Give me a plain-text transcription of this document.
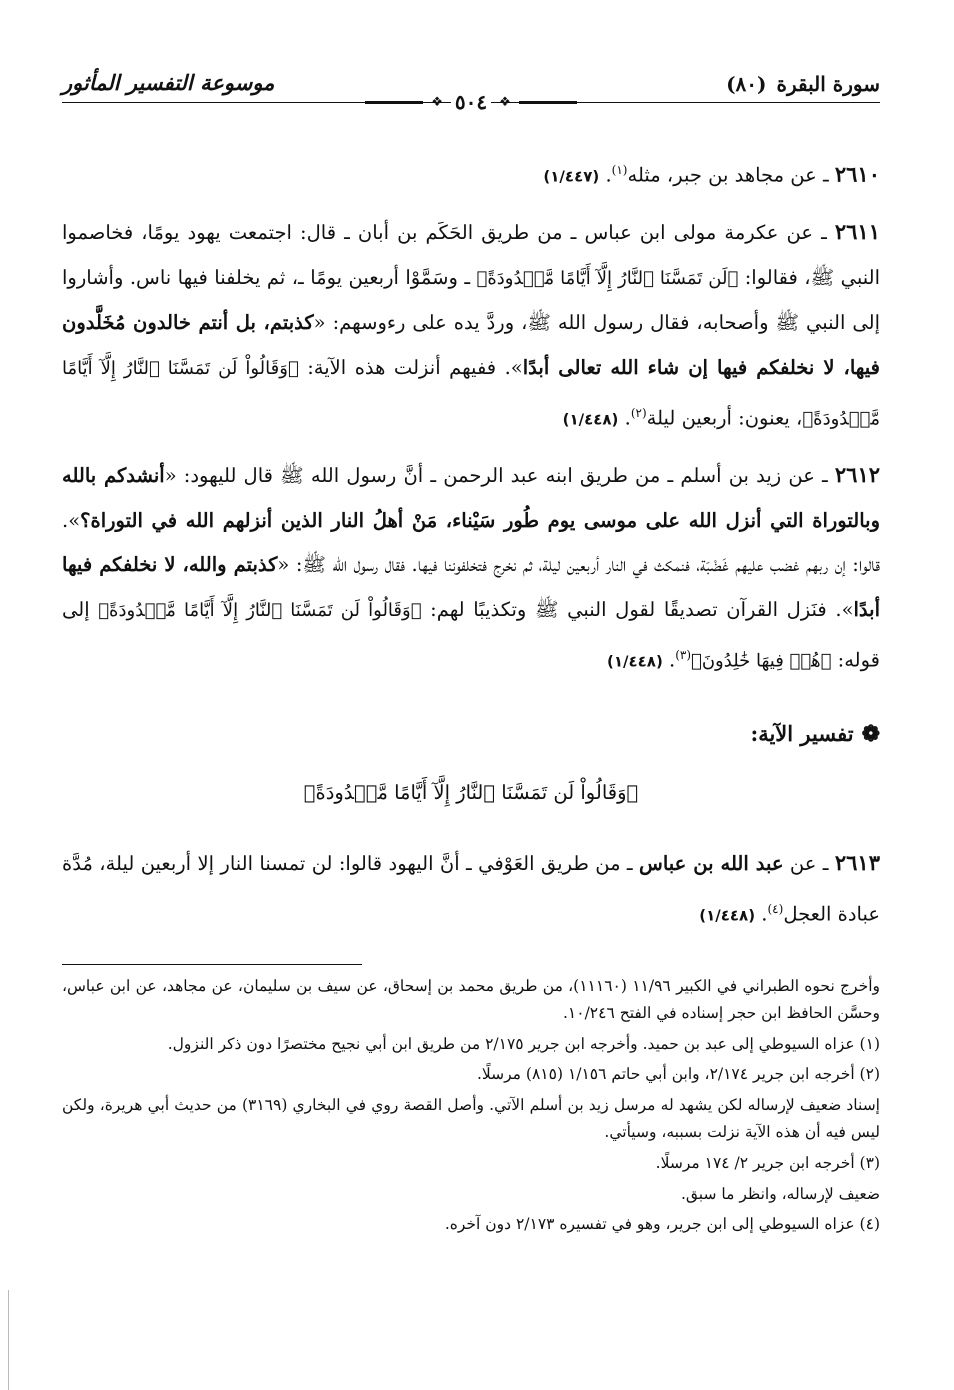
سورة البقرة
(٨٠)
موسوعة التفسير المأثور
❖
٥٠٤
❖

٢٦١٠ ـ عن مجاهد بن جبر، مثله$^{(١)}$. (١/٤٤٧)

٢٦١١ ـ عن عكرمة مولى ابن عباس ـ من طريق الحَكَم بن أبان ـ قال: اجتمعت يهود يومًا، فخاصموا النبي ﷺ، فقالوا: ﴿لَن تَمَسَّنَا ٱلنَّارُ إِلَّآ أَيَّامًا مَّعۡدُودَةً﴾ ـ وسَمَّوْا أربعين يومًا ـ، ثم يخلفنا فيها ناس. وأشاروا إلى النبي ﷺ وأصحابه، فقال رسول الله ﷺ، وردَّ يده على رءوسهم: «كذبتم، بل أنتم خالدون مُخَلَّدون فيها، لا نخلفكم فيها إن شاء الله تعالى أبدًا». ففيهم أنزلت هذه الآية: ﴿وَقَالُواْ لَن تَمَسَّنَا ٱلنَّارُ إِلَّآ أَيَّامًا مَّعۡدُودَةً﴾، يعنون: أربعين ليلة$^{(٢)}$. (١/٤٤٨)

٢٦١٢ ـ عن زيد بن أسلم ـ من طريق ابنه عبد الرحمن ـ أنَّ رسول الله ﷺ قال لليهود: «أنشدكم بالله وبالتوراة التي أنزل الله على موسى يوم طُور سَيْناء، مَنْ أهلُ النار الذين أنزلهم الله في التوراة؟». قالوا: إن ربهم غضب عليهم غَضْبَة، فنمكث في النار أربعين ليلة، ثم نخرج فتخلفوننا فيها. فقال رسول الله ﷺ: «كذبتم والله، لا نخلفكم فيها أبدًا». فنَزل القرآن تصديقًا لقول النبي ﷺ وتكذيبًا لهم: ﴿وَقَالُواْ لَن تَمَسَّنَا ٱلنَّارُ إِلَّآ أَيَّامًا مَّعۡدُودَةً﴾ إلى قوله: ﴿هُمۡ فِيهَا خَٰلِدُونَ﴾$^{(٣)}$. (١/٤٤٨)

❁
تفسير الآية:
﴿وَقَالُواْ لَن تَمَسَّنَا ٱلنَّارُ إِلَّآ أَيَّامًا مَّعۡدُودَةً﴾

٢٦١٣ ـ عن عبد الله بن عباس ـ من طريق العَوْفي ـ أنَّ اليهود قالوا: لن تمسنا النار إلا أربعين ليلة، مُدَّة عبادة العجل$^{(٤)}$. (١/٤٤٨)

وأخرج نحوه الطبراني في الكبير ١١/٩٦ (١١١٦٠)، من طريق محمد بن إسحاق، عن سيف بن سليمان، عن مجاهد، عن ابن عباس، وحسَّن الحافظ ابن حجر إسناده في الفتح ١٠/٢٤٦.

(١) عزاه السيوطي إلى عبد بن حميد. وأخرجه ابن جرير ٢/١٧٥ من طريق ابن أبي نجيح مختصرًا دون ذكر النزول.

(٢) أخرجه ابن جرير ٢/١٧٤، وابن أبي حاتم ١/١٥٦ (٨١٥) مرسلًا.

إسناد ضعيف لإرساله لكن يشهد له مرسل زيد بن أسلم الآتي. وأصل القصة روي في البخاري (٣١٦٩) من حديث أبي هريرة، ولكن ليس فيه أن هذه الآية نزلت بسببه، وسيأتي.

(٣) أخرجه ابن جرير ٢/ ١٧٤ مرسلًا.

ضعيف لإرساله، وانظر ما سبق.

(٤) عزاه السيوطي إلى ابن جرير، وهو في تفسيره ٢/١٧٣ دون آخره.
